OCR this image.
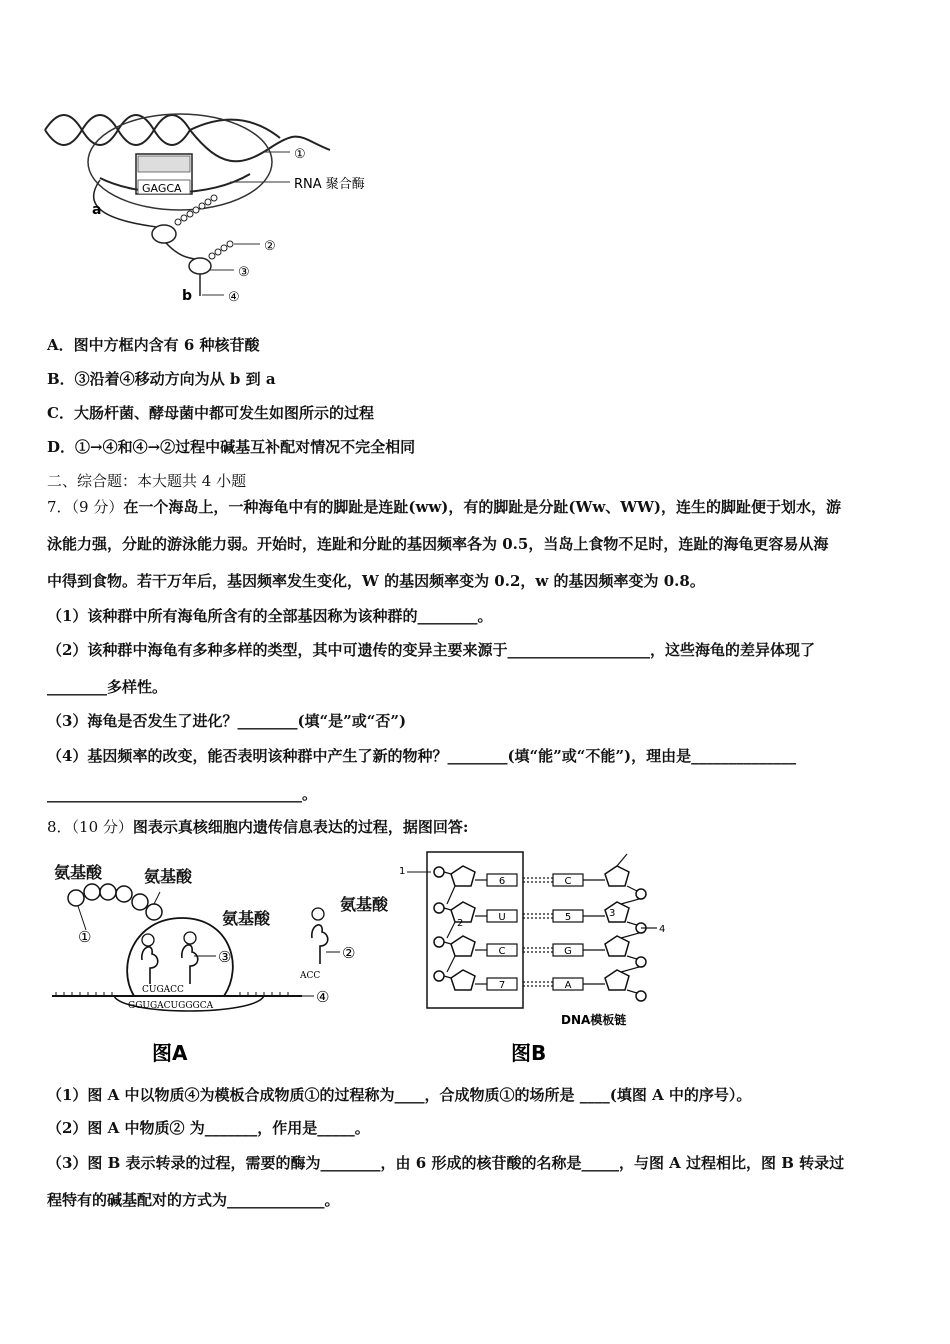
GAGCA
①
RNA 聚合酶
a
②
③
b	④
A．图中方框内含有 6 种核苷酸
B．③沿着④移动方向为从 b 到 a
C．大肠杆菌、酵母菌中都可发生如图所示的过程
D．①→④和④→②过程中碱基互补配对情况不完全相同
二、综合题：本大题共 4 小题
7．（9 分）在一个海岛上，一种海龟中有的脚趾是连趾(ww)，有的脚趾是分趾(Ww、WW)，连生的脚趾便于划水，游
泳能力强，分趾的游泳能力弱。开始时，连趾和分趾的基因频率各为 0.5，当岛上食物不足时，连趾的海龟更容易从海
中得到食物。若干万年后，基因频率发生变化，W 的基因频率变为 0.2，w 的基因频率变为 0.8。
（1）该种群中所有海龟所含有的全部基因称为该种群的________。
（2）该种群中海龟有多种多样的类型，其中可遗传的变异主要来源于___________________，这些海龟的差异体现了
________多样性。
（3）海龟是否发生了进化？________(填“是”或“否”)
（4）基因频率的改变，能否表明该种群中产生了新的物种？________(填“能”或“不能”)，理由是______________
__________________________________。
8．（10 分）图表示真核细胞内遗传信息表达的过程，据图回答:
氨基酸	氨基酸
氨基酸
氨基酸
①
③	②
ACC
CUGACC
GGUGACUGGGCA	④
图A
1
2
6
U
C
7
C
5
G
A
3
4
DNA模板链
图B
（1）图 A 中以物质④为模板合成物质①的过程称为____，合成物质①的场所是 ____(填图 A 中的序号）。
（2）图 A 中物质② 为_______，作用是_____。
（3）图 B 表示转录的过程，需要的酶为________，由 6 形成的核苷酸的名称是_____，与图 A 过程相比，图 B 转录过
程特有的碱基配对的方式为_____________。
